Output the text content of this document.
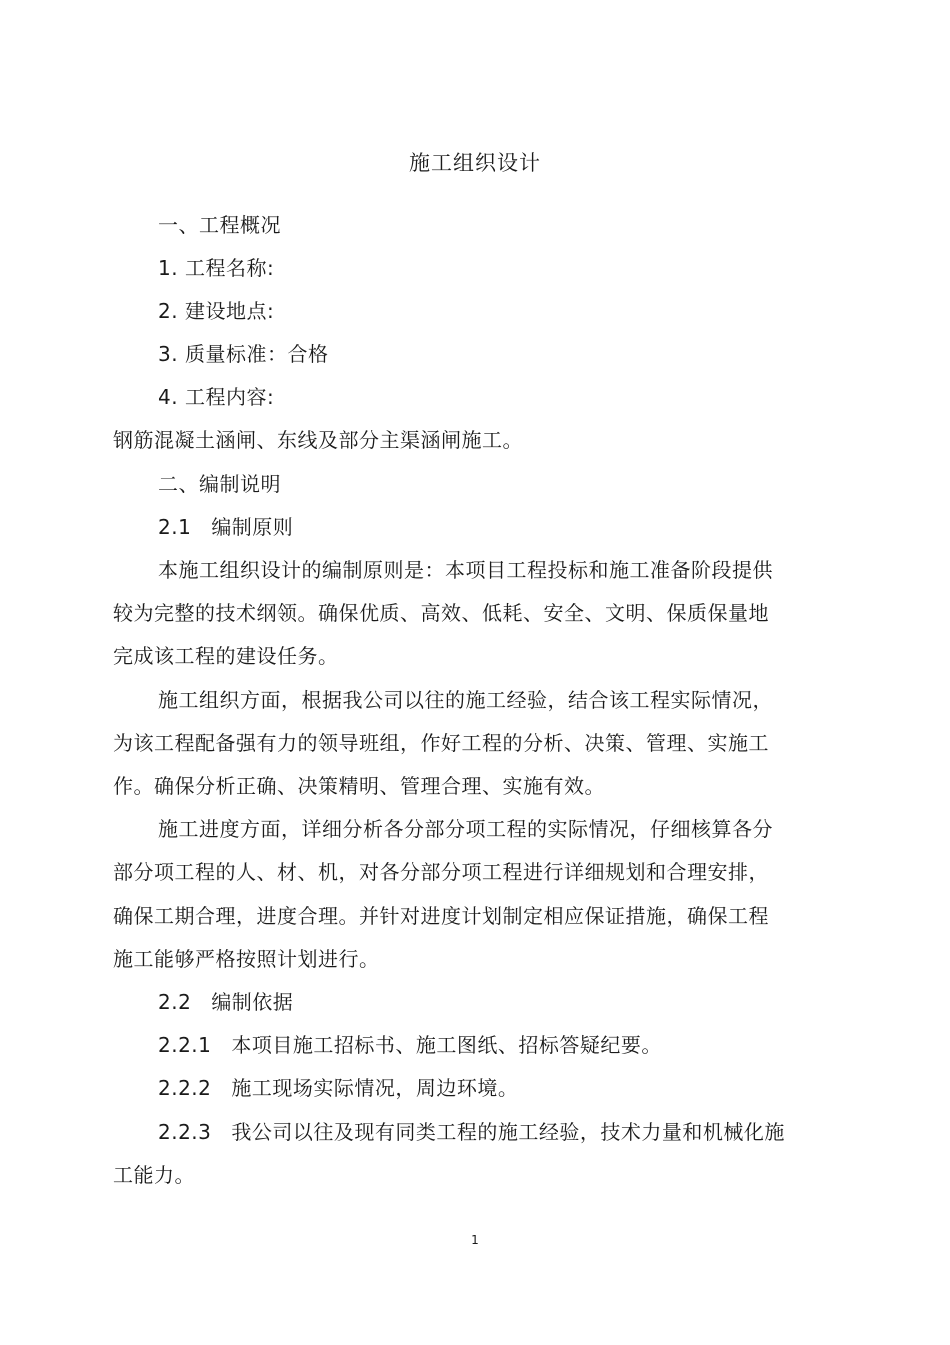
施工组织设计
一、工程概况
1. 工程名称:
2. 建设地点:
3. 质量标准：合格
4. 工程内容:
钢筋混凝土涵闸、东线及部分主渠涵闸施工。
二、编制说明
2.1 编制原则
本施工组织设计的编制原则是：本项目工程投标和施工准备阶段提供
较为完整的技术纲领。确保优质、高效、低耗、安全、文明、保质保量地
完成该工程的建设任务。
施工组织方面，根据我公司以往的施工经验，结合该工程实际情况，
为该工程配备强有力的领导班组，作好工程的分析、决策、管理、实施工
作。确保分析正确、决策精明、管理合理、实施有效。
施工进度方面，详细分析各分部分项工程的实际情况，仔细核算各分
部分项工程的人、材、机，对各分部分项工程进行详细规划和合理安排，
确保工期合理，进度合理。并针对进度计划制定相应保证措施，确保工程
施工能够严格按照计划进行。
2.2 编制依据
2.2.1 本项目施工招标书、施工图纸、招标答疑纪要。
2.2.2 施工现场实际情况，周边环境。
2.2.3 我公司以往及现有同类工程的施工经验，技术力量和机械化施
工能力。
1
